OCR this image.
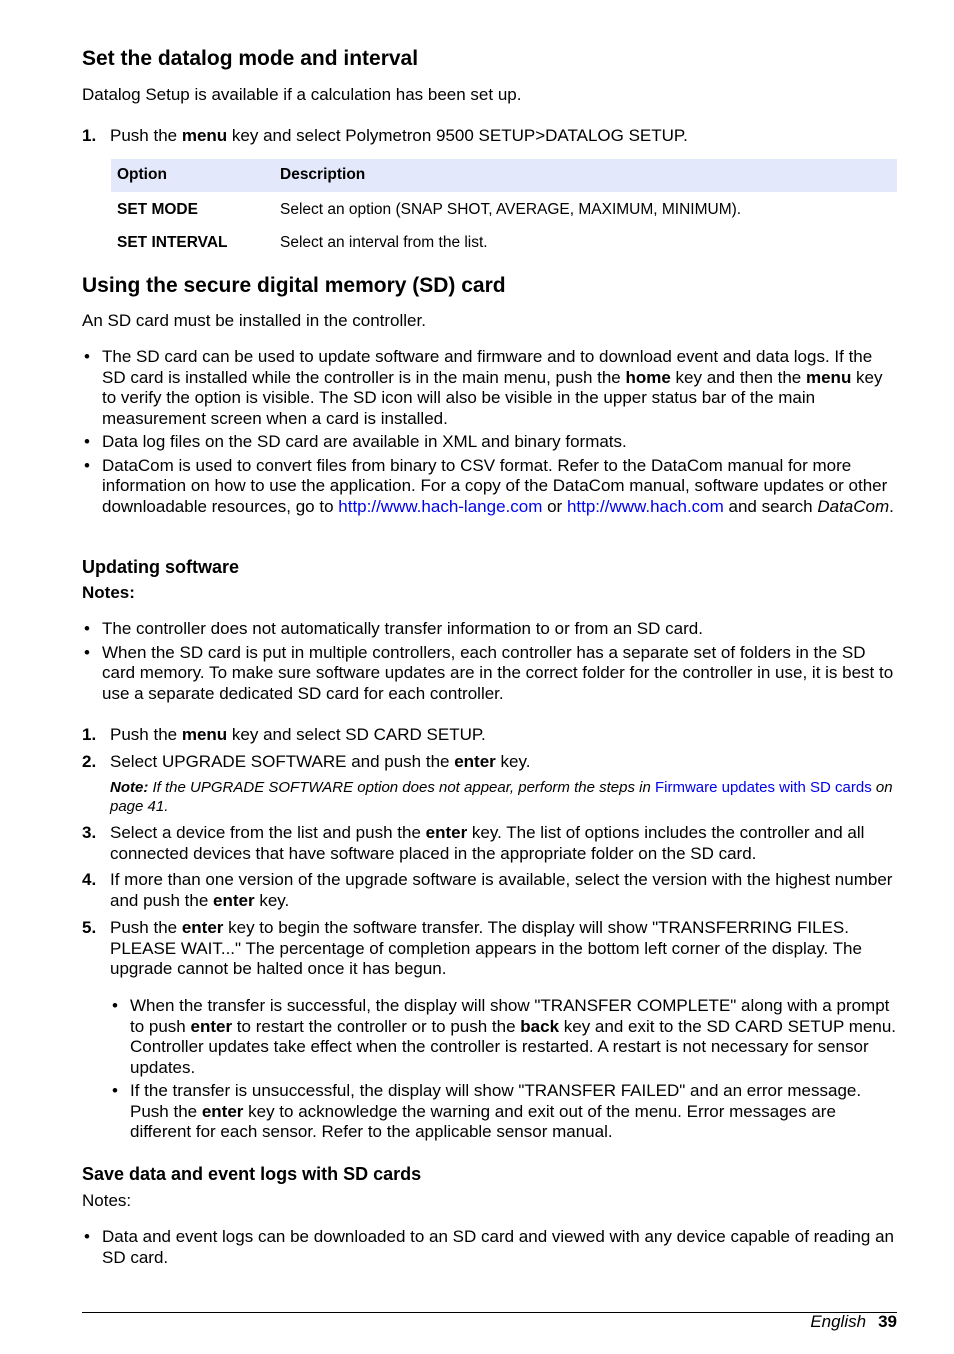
Set the datalog mode and interval

Datalog Setup is available if a calculation has been set up.

1. Push the menu key and select Polymetron 9500 SETUP>DATALOG SETUP.
Option	Description
SET MODE	Select an option (SNAP SHOT, AVERAGE, MAXIMUM, MINIMUM).
SET INTERVAL	Select an interval from the list.
Using the secure digital memory (SD) card

An SD card must be installed in the controller.

• The SD card can be used to update software and firmware and to download event and data logs. If the SD card is installed while the controller is in the main menu, push the home key and then the menu key to verify the option is visible. The SD icon will also be visible in the upper status bar of the main measurement screen when a card is installed.
• Data log files on the SD card are available in XML and binary formats.
• DataCom is used to convert files from binary to CSV format. Refer to the DataCom manual for more information on how to use the application. For a copy of the DataCom manual, software updates or other downloadable resources, go to http://www.hach-lange.com or http://www.hach.com and search DataCom.
Updating software

Notes:

• The controller does not automatically transfer information to or from an SD card.
• When the SD card is put in multiple controllers, each controller has a separate set of folders in the SD card memory. To make sure software updates are in the correct folder for the controller in use, it is best to use a separate dedicated SD card for each controller.
1. Push the menu key and select SD CARD SETUP.
2. Select UPGRADE SOFTWARE and push the enter key.

Note: If the UPGRADE SOFTWARE option does not appear, perform the steps in Firmware updates with SD cards on page 41.

3. Select a device from the list and push the enter key. The list of options includes the controller and all connected devices that have software placed in the appropriate folder on the SD card.
4. If more than one version of the upgrade software is available, select the version with the highest number and push the enter key.
5. Push the enter key to begin the software transfer. The display will show "TRANSFERRING FILES. PLEASE WAIT..." The percentage of completion appears in the bottom left corner of the display. The upgrade cannot be halted once it has begun.
• When the transfer is successful, the display will show "TRANSFER COMPLETE" along with a prompt to push enter to restart the controller or to push the back key and exit to the SD CARD SETUP menu. Controller updates take effect when the controller is restarted. A restart is not necessary for sensor updates.
• If the transfer is unsuccessful, the display will show "TRANSFER FAILED" and an error message. Push the enter key to acknowledge the warning and exit out of the menu. Error messages are different for each sensor. Refer to the applicable sensor manual.
Save data and event logs with SD cards

Notes:

• Data and event logs can be downloaded to an SD card and viewed with any device capable of reading an SD card.
English 39
